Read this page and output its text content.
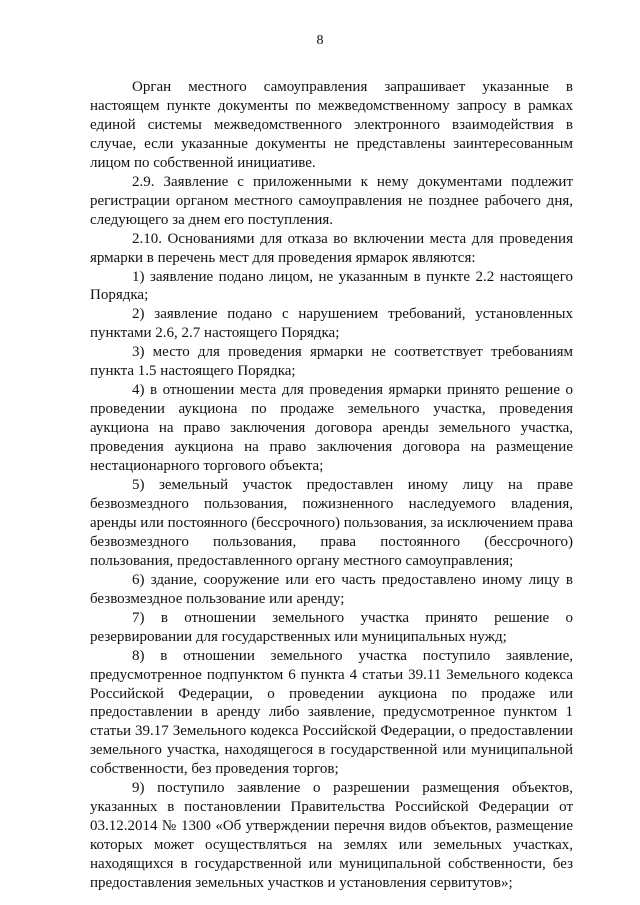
8

Орган местного самоуправления запрашивает указанные в настоящем пункте документы по межведомственному запросу в рамках единой системы межведомственного электронного взаимодействия в случае, если указанные документы не представлены заинтересованным лицом по собственной инициативе.

2.9. Заявление с приложенными к нему документами подлежит регистрации органом местного самоуправления не позднее рабочего дня, следующего за днем его поступления.

2.10. Основаниями для отказа во включении места для проведения ярмарки в перечень мест для проведения ярмарок являются:

1) заявление подано лицом, не указанным в пункте 2.2 настоящего Порядка;

2) заявление подано с нарушением требований, установленных пунктами 2.6, 2.7 настоящего Порядка;

3) место для проведения ярмарки не соответствует требованиям пункта 1.5 настоящего Порядка;

4) в отношении места для проведения ярмарки принято решение о проведении аукциона по продаже земельного участка, проведения аукциона на право заключения договора аренды земельного участка, проведения аукциона на право заключения договора на размещение нестационарного торгового объекта;

5) земельный участок предоставлен иному лицу на праве безвозмездного пользования, пожизненного наследуемого владения, аренды или постоянного (бессрочного) пользования, за исключением права безвозмездного пользования, права постоянного (бессрочного) пользования, предоставленного органу местного самоуправления;

6) здание, сооружение или его часть предоставлено иному лицу в безвозмездное пользование или аренду;

7) в отношении земельного участка принято решение о резервировании для государственных или муниципальных нужд;

8) в отношении земельного участка поступило заявление, предусмотренное подпунктом 6 пункта 4 статьи 39.11 Земельного кодекса Российской Федерации, о проведении аукциона по продаже или предоставлении в аренду либо заявление, предусмотренное пунктом 1 статьи 39.17 Земельного кодекса Российской Федерации, о предоставлении земельного участка, находящегося в государственной или муниципальной собственности, без проведения торгов;

9) поступило заявление о разрешении размещения объектов, указанных в постановлении Правительства Российской Федерации от 03.12.2014 № 1300 «Об утверждении перечня видов объектов, размещение которых может осуществляться на землях или земельных участках, находящихся в государственной или муниципальной собственности, без предоставления земельных участков и установления сервитутов»;
